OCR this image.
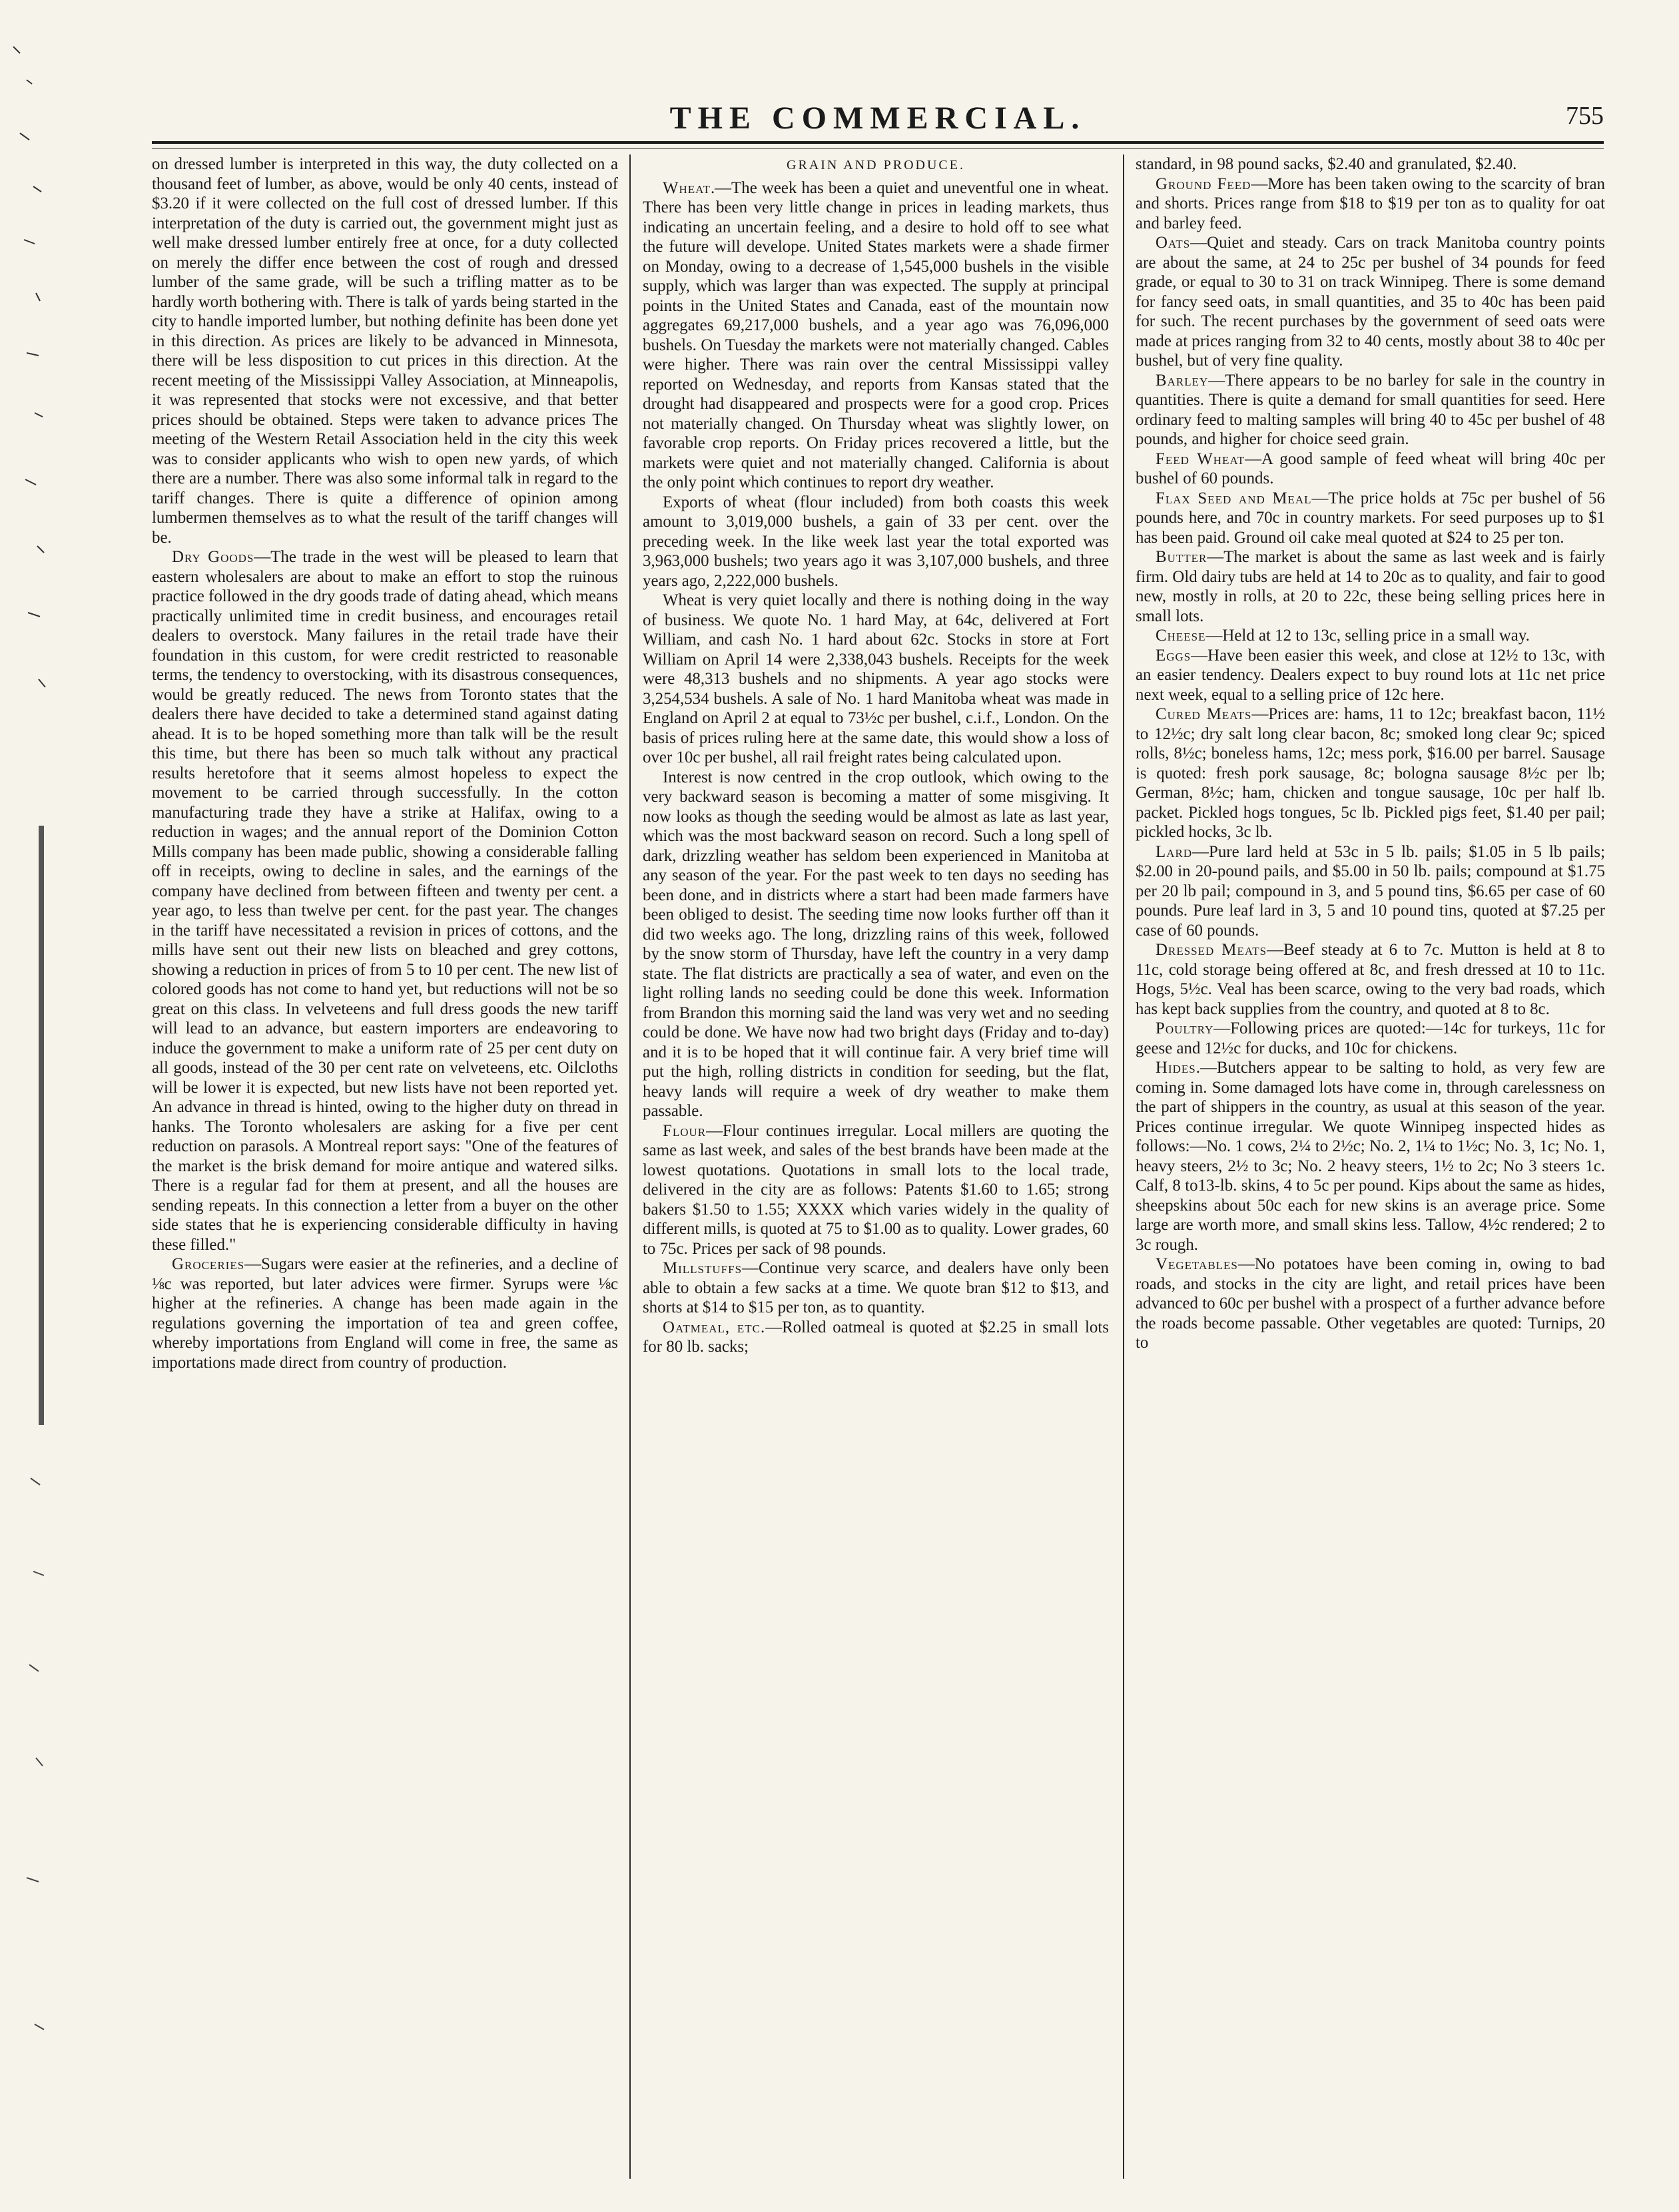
THE COMMERCIAL.	755

on dressed lumber is interpreted in this way, the duty collected on a thousand feet of lumber, as above, would be only 40 cents, instead of $3.20 if it were collected on the full cost of dressed lumber. If this interpretation of the duty is carried out, the government might just as well make dressed lumber entirely free at once, for a duty collected on merely the differ ence between the cost of rough and dressed lumber of the same grade, will be such a trifling matter as to be hardly worth bothering with. There is talk of yards being started in the city to handle imported lumber, but nothing definite has been done yet in this direction. As prices are likely to be advanced in Minnesota, there will be less disposition to cut prices in this direction. At the recent meeting of the Mississippi Valley Association, at Minneapolis, it was represented that stocks were not excessive, and that better prices should be obtained. Steps were taken to advance prices The meeting of the Western Retail Association held in the city this week was to consider applicants who wish to open new yards, of which there are a number. There was also some informal talk in regard to the tariff changes. There is quite a difference of opinion among lumbermen themselves as to what the result of the tariff changes will be.

Dry Goods—The trade in the west will be pleased to learn that eastern wholesalers are about to make an effort to stop the ruinous practice followed in the dry goods trade of dating ahead, which means practically unlimited time in credit business, and encourages retail dealers to overstock. Many failures in the retail trade have their foundation in this custom, for were credit restricted to reasonable terms, the tendency to overstocking, with its disastrous consequences, would be greatly reduced. The news from Toronto states that the dealers there have decided to take a determined stand against dating ahead. It is to be hoped something more than talk will be the result this time, but there has been so much talk without any practical results heretofore that it seems almost hopeless to expect the movement to be carried through successfully. In the cotton manufacturing trade they have a strike at Halifax, owing to a reduction in wages; and the annual report of the Dominion Cotton Mills company has been made public, showing a considerable falling off in receipts, owing to decline in sales, and the earnings of the company have declined from between fifteen and twenty per cent. a year ago, to less than twelve per cent. for the past year. The changes in the tariff have necessitated a revision in prices of cottons, and the mills have sent out their new lists on bleached and grey cottons, showing a reduction in prices of from 5 to 10 per cent. The new list of colored goods has not come to hand yet, but reductions will not be so great on this class. In velveteens and full dress goods the new tariff will lead to an advance, but eastern importers are endeavoring to induce the government to make a uniform rate of 25 per cent duty on all goods, instead of the 30 per cent rate on velveteens, etc. Oilcloths will be lower it is expected, but new lists have not been reported yet. An advance in thread is hinted, owing to the higher duty on thread in hanks. The Toronto wholesalers are asking for a five per cent reduction on parasols. A Montreal report says: "One of the features of the market is the brisk demand for moire antique and watered silks. There is a regular fad for them at present, and all the houses are sending repeats. In this connection a letter from a buyer on the other side states that he is experiencing considerable difficulty in having these filled."

Groceries—Sugars were easier at the refineries, and a decline of ⅛c was reported, but later advices were firmer. Syrups were ⅛c higher at the refineries. A change has been made again in the regulations governing the importation of tea and green coffee, whereby importations from England will come in free, the same as importations made direct from country of production.

GRAIN AND PRODUCE.

Wheat.—The week has been a quiet and uneventful one in wheat. There has been very little change in prices in leading markets, thus indicating an uncertain feeling, and a desire to hold off to see what the future will develope. United States markets were a shade firmer on Monday, owing to a decrease of 1,545,000 bushels in the visible supply, which was larger than was expected. The supply at principal points in the United States and Canada, east of the mountain now aggregates 69,217,000 bushels, and a year ago was 76,096,000 bushels. On Tuesday the markets were not materially changed. Cables were higher. There was rain over the central Mississippi valley reported on Wednesday, and reports from Kansas stated that the drought had disappeared and prospects were for a good crop. Prices not materially changed. On Thursday wheat was slightly lower, on favorable crop reports. On Friday prices recovered a little, but the markets were quiet and not materially changed. California is about the only point which continues to report dry weather.

Exports of wheat (flour included) from both coasts this week amount to 3,019,000 bushels, a gain of 33 per cent. over the preceding week. In the like week last year the total exported was 3,963,000 bushels; two years ago it was 3,107,000 bushels, and three years ago, 2,222,000 bushels.

Wheat is very quiet locally and there is nothing doing in the way of business. We quote No. 1 hard May, at 64c, delivered at Fort William, and cash No. 1 hard about 62c. Stocks in store at Fort William on April 14 were 2,338,043 bushels. Receipts for the week were 48,313 bushels and no shipments. A year ago stocks were 3,254,534 bushels. A sale of No. 1 hard Manitoba wheat was made in England on April 2 at equal to 73½c per bushel, c.i.f., London. On the basis of prices ruling here at the same date, this would show a loss of over 10c per bushel, all rail freight rates being calculated upon.

Interest is now centred in the crop outlook, which owing to the very backward season is becoming a matter of some misgiving. It now looks as though the seeding would be almost as late as last year, which was the most backward season on record. Such a long spell of dark, drizzling weather has seldom been experienced in Manitoba at any season of the year. For the past week to ten days no seeding has been done, and in districts where a start had been made farmers have been obliged to desist. The seeding time now looks further off than it did two weeks ago. The long, drizzling rains of this week, followed by the snow storm of Thursday, have left the country in a very damp state. The flat districts are practically a sea of water, and even on the light rolling lands no seeding could be done this week. Information from Brandon this morning said the land was very wet and no seeding could be done. We have now had two bright days (Friday and to-day) and it is to be hoped that it will continue fair. A very brief time will put the high, rolling districts in condition for seeding, but the flat, heavy lands will require a week of dry weather to make them passable.

Flour—Flour continues irregular. Local millers are quoting the same as last week, and sales of the best brands have been made at the lowest quotations. Quotations in small lots to the local trade, delivered in the city are as follows: Patents $1.60 to 1.65; strong bakers $1.50 to 1.55; XXXX which varies widely in the quality of different mills, is quoted at 75 to $1.00 as to quality. Lower grades, 60 to 75c. Prices per sack of 98 pounds.

Millstuffs—Continue very scarce, and dealers have only been able to obtain a few sacks at a time. We quote bran $12 to $13, and shorts at $14 to $15 per ton, as to quantity.

Oatmeal, etc.—Rolled oatmeal is quoted at $2.25 in small lots for 80 lb. sacks;

standard, in 98 pound sacks, $2.40 and granulated, $2.40.

Ground Feed—More has been taken owing to the scarcity of bran and shorts. Prices range from $18 to $19 per ton as to quality for oat and barley feed.

Oats—Quiet and steady. Cars on track Manitoba country points are about the same, at 24 to 25c per bushel of 34 pounds for feed grade, or equal to 30 to 31 on track Winnipeg. There is some demand for fancy seed oats, in small quantities, and 35 to 40c has been paid for such. The recent purchases by the government of seed oats were made at prices ranging from 32 to 40 cents, mostly about 38 to 40c per bushel, but of very fine quality.

Barley—There appears to be no barley for sale in the country in quantities. There is quite a demand for small quantities for seed. Here ordinary feed to malting samples will bring 40 to 45c per bushel of 48 pounds, and higher for choice seed grain.

Feed Wheat—A good sample of feed wheat will bring 40c per bushel of 60 pounds.

Flax Seed and Meal—The price holds at 75c per bushel of 56 pounds here, and 70c in country markets. For seed purposes up to $1 has been paid. Ground oil cake meal quoted at $24 to 25 per ton.

Butter—The market is about the same as last week and is fairly firm. Old dairy tubs are held at 14 to 20c as to quality, and fair to good new, mostly in rolls, at 20 to 22c, these being selling prices here in small lots.

Cheese—Held at 12 to 13c, selling price in a small way.

Eggs—Have been easier this week, and close at 12½ to 13c, with an easier tendency. Dealers expect to buy round lots at 11c net price next week, equal to a selling price of 12c here.

Cured Meats—Prices are: hams, 11 to 12c; breakfast bacon, 11½ to 12½c; dry salt long clear bacon, 8c; smoked long clear 9c; spiced rolls, 8½c; boneless hams, 12c; mess pork, $16.00 per barrel. Sausage is quoted: fresh pork sausage, 8c; bologna sausage 8½c per lb; German, 8½c; ham, chicken and tongue sausage, 10c per half lb. packet. Pickled hogs tongues, 5c lb. Pickled pigs feet, $1.40 per pail; pickled hocks, 3c lb.

Lard—Pure lard held at 53c in 5 lb. pails; $1.05 in 5 lb pails; $2.00 in 20-pound pails, and $5.00 in 50 lb. pails; compound at $1.75 per 20 lb pail; compound in 3, and 5 pound tins, $6.65 per case of 60 pounds. Pure leaf lard in 3, 5 and 10 pound tins, quoted at $7.25 per case of 60 pounds.

Dressed Meats—Beef steady at 6 to 7c. Mutton is held at 8 to 11c, cold storage being offered at 8c, and fresh dressed at 10 to 11c. Hogs, 5½c. Veal has been scarce, owing to the very bad roads, which has kept back supplies from the country, and quoted at 8 to 8c.

Poultry—Following prices are quoted:—14c for turkeys, 11c for geese and 12½c for ducks, and 10c for chickens.

Hides.—Butchers appear to be salting to hold, as very few are coming in. Some damaged lots have come in, through carelessness on the part of shippers in the country, as usual at this season of the year. Prices continue irregular. We quote Winnipeg inspected hides as follows:—No. 1 cows, 2¼ to 2½c; No. 2, 1¼ to 1½c; No. 3, 1c; No. 1, heavy steers, 2½ to 3c; No. 2 heavy steers, 1½ to 2c; No 3 steers 1c. Calf, 8 to13-lb. skins, 4 to 5c per pound. Kips about the same as hides, sheepskins about 50c each for new skins is an average price. Some large are worth more, and small skins less. Tallow, 4½c rendered; 2 to 3c rough.

Vegetables—No potatoes have been coming in, owing to bad roads, and stocks in the city are light, and retail prices have been advanced to 60c per bushel with a prospect of a further advance before the roads become passable. Other vegetables are quoted: Turnips, 20 to
